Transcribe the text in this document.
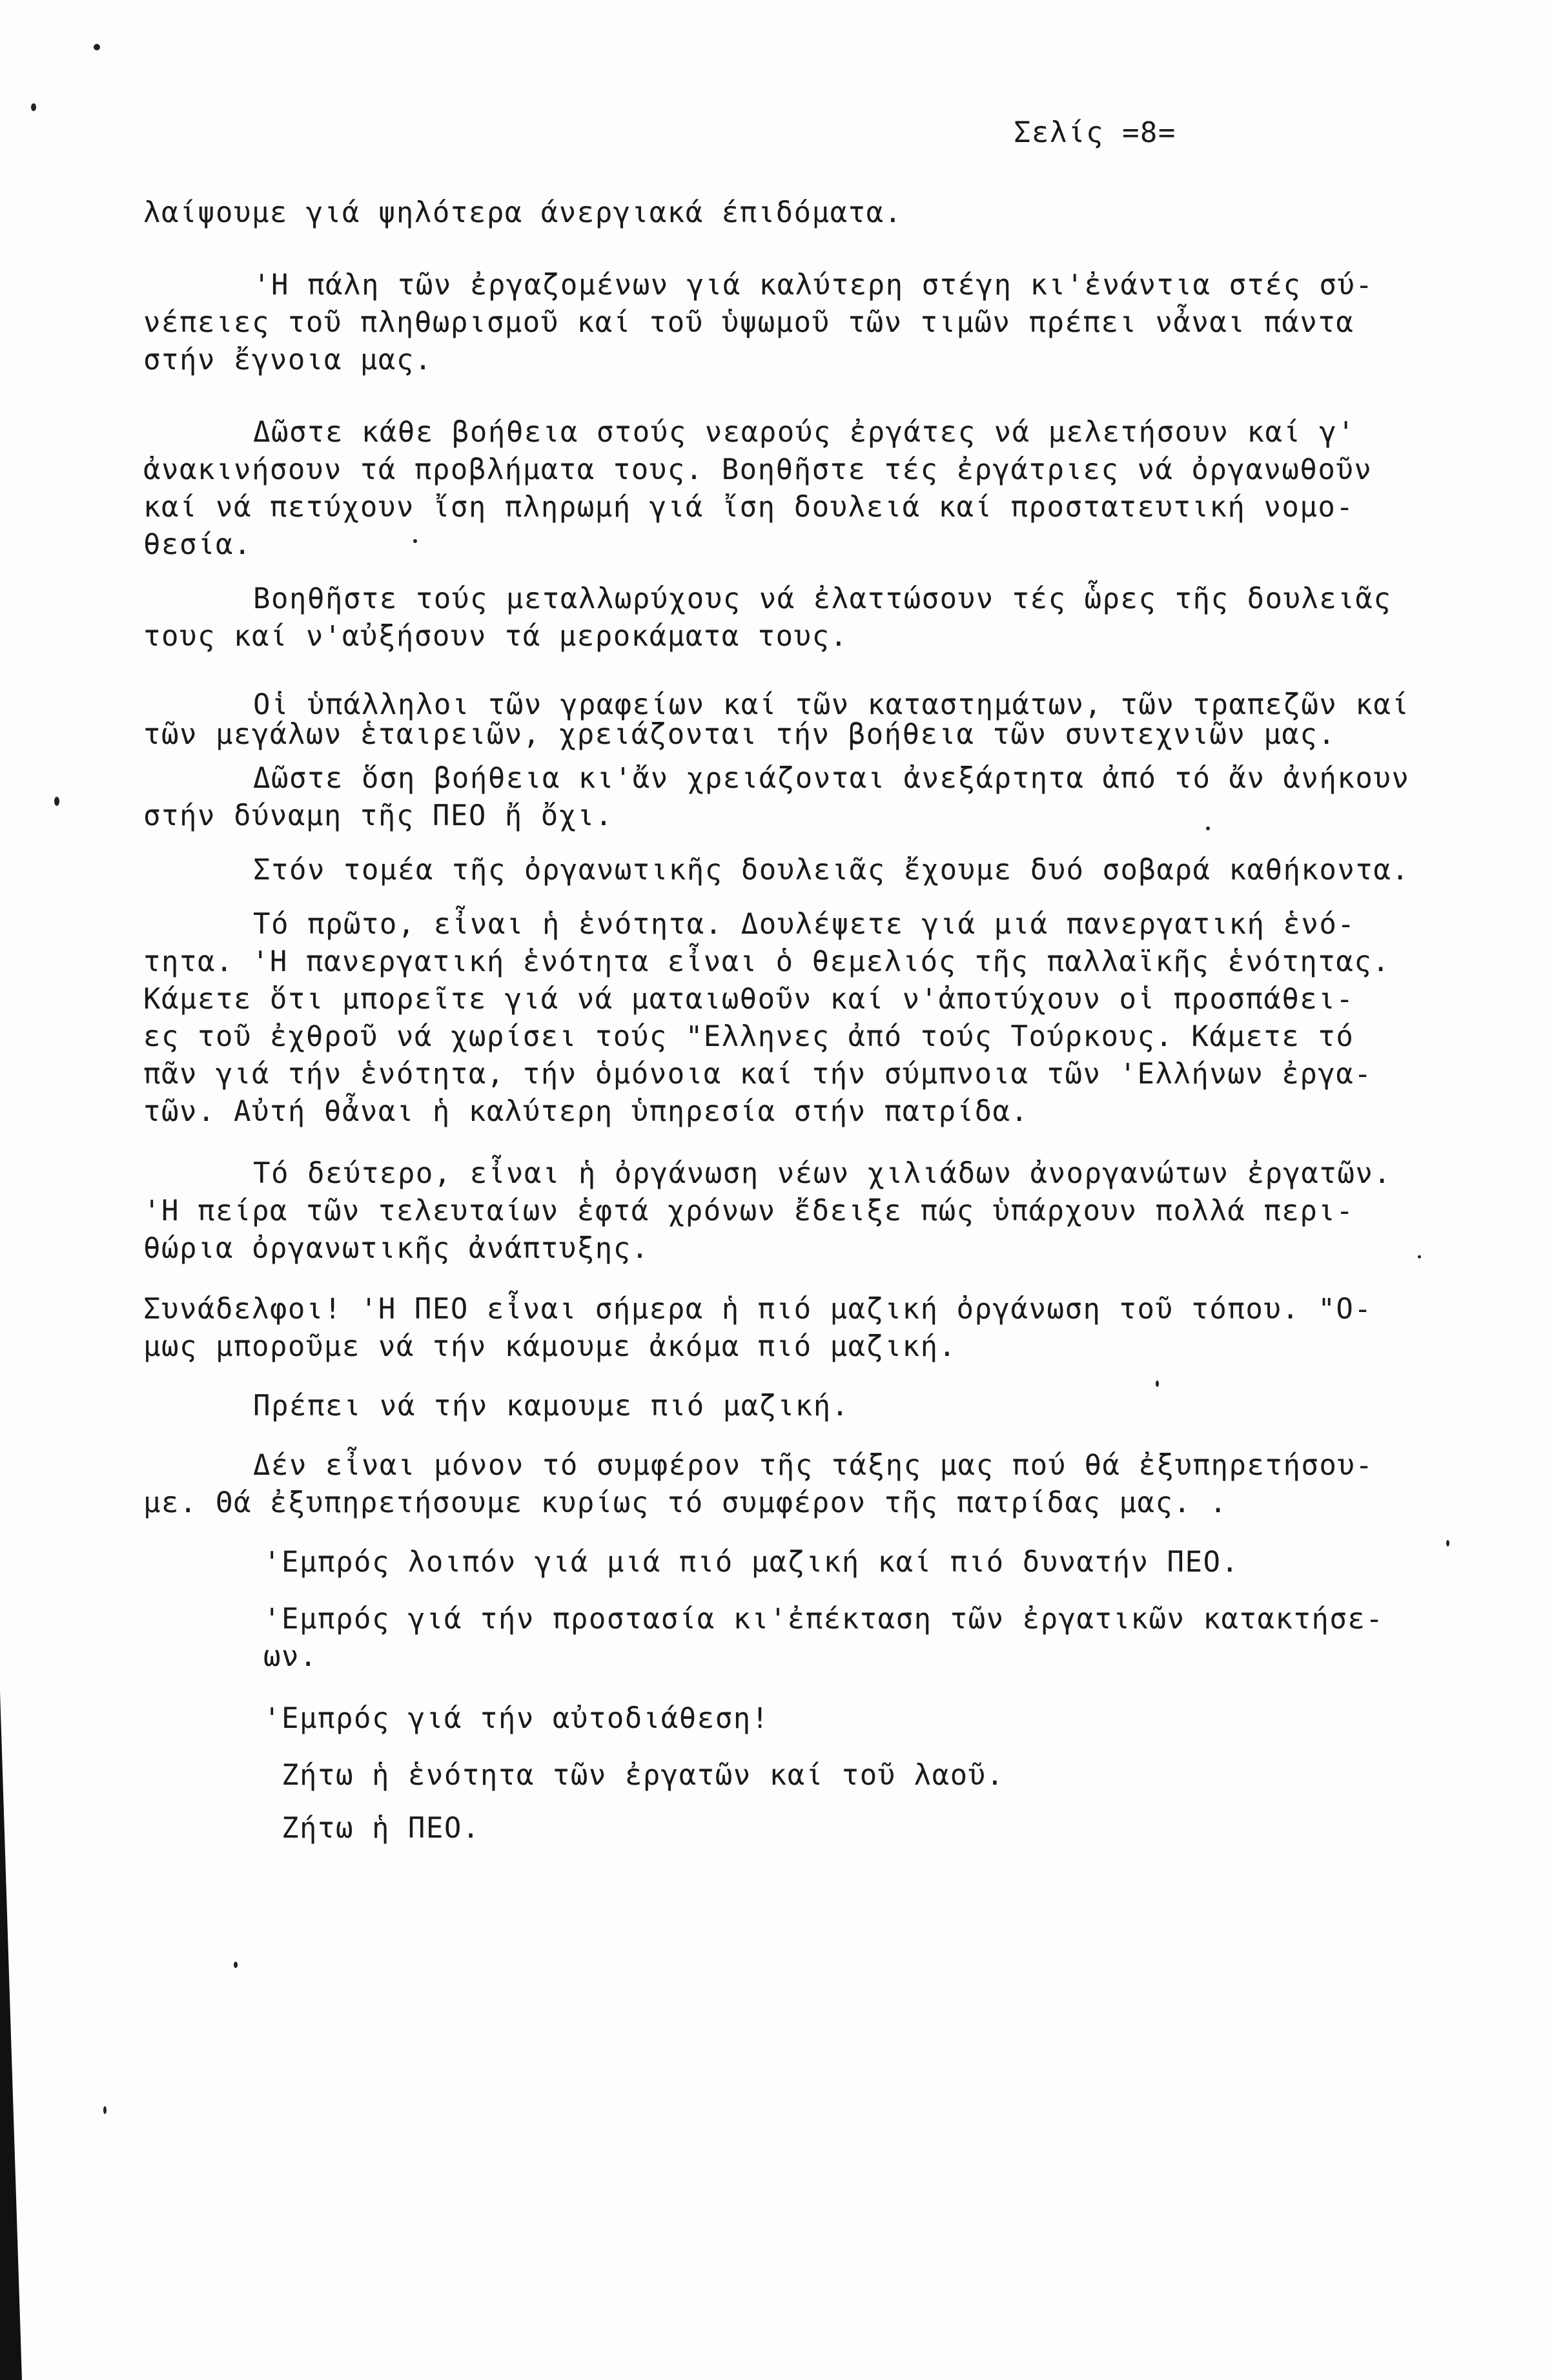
Σελίς =8=
λαίψουμε γιά ψηλότερα άνεργιακά έπιδόματα.
'Η πάλη τῶν ἐργαζομένων γιά καλύτερη στέγη κι'ἐνάντια στές σύ-
νέπειες τοῦ πληθωρισμοῦ καί τοῦ ὑψωμοῦ τῶν τιμῶν πρέπει νἆναι πάντα
στήν ἔγνοια μας.
Δῶστε κάθε βοήθεια στούς νεαρούς ἐργάτες νά μελετήσουν καί γ'
ἀνακινήσουν τά προβλήματα τους. Βοηθῆστε τές ἐργάτριες νά ὀργανωθοῦν
καί νά πετύχουν ἴση πληρωμή γιά ἴση δουλειά καί προστατευτική νομο-
θεσία.
Βοηθῆστε τούς μεταλλωρύχους νά ἐλαττώσουν τές ὧρες τῆς δουλειᾶς
τους καί ν'αὐξήσουν τά μεροκάματα τους.
Οἱ ὑπάλληλοι τῶν γραφείων καί τῶν καταστημάτων, τῶν τραπεζῶν καί
τῶν μεγάλων ἑταιρειῶν, χρειάζονται τήν βοήθεια τῶν συντεχνιῶν μας.
Δῶστε ὅση βοήθεια κι'ἄν χρειάζονται ἀνεξάρτητα ἀπό τό ἄν ἀνήκουν
στήν δύναμη τῆς ΠΕΟ ἤ ὄχι.
Στόν τομέα τῆς ὀργανωτικῆς δουλειᾶς ἔχουμε δυό σοβαρά καθήκοντα.
Τό πρῶτο, εἶναι ἡ ἑνότητα. Δουλέψετε γιά μιά πανεργατική ἑνό-
τητα. 'Η πανεργατική ἑνότητα εἶναι ὁ θεμελιός τῆς παλλαϊκῆς ἑνότητας.
Κάμετε ὅτι μπορεῖτε γιά νά ματαιωθοῦν καί ν'ἀποτύχουν οἱ προσπάθει-
ες τοῦ ἐχθροῦ νά χωρίσει τούς "Ελληνες ἀπό τούς Τούρκους. Κάμετε τό
πᾶν γιά τήν ἑνότητα, τήν ὁμόνοια καί τήν σύμπνοια τῶν 'Ελλήνων ἐργα-
τῶν. Αὐτή θἆναι ἡ καλύτερη ὑπηρεσία στήν πατρίδα.
Τό δεύτερο, εἶναι ἡ ὀργάνωση νέων χιλιάδων ἀνοργανώτων ἐργατῶν.
'Η πείρα τῶν τελευταίων ἑφτά χρόνων ἔδειξε πώς ὑπάρχουν πολλά περι-
θώρια ὀργανωτικῆς ἀνάπτυξης.
Συνάδελφοι! 'Η ΠΕΟ εἶναι σήμερα ἡ πιό μαζική ὀργάνωση τοῦ τόπου. "Ο-
μως μποροῦμε νά τήν κάμουμε ἀκόμα πιό μαζική.
Πρέπει νά τήν καμουμε πιό μαζική.
Δέν εἶναι μόνον τό συμφέρον τῆς τάξης μας πού θά ἐξυπηρετήσου-
με. Θά ἐξυπηρετήσουμε κυρίως τό συμφέρον τῆς πατρίδας μας. .
'Εμπρός λοιπόν γιά μιά πιό μαζική καί πιό δυνατήν ΠΕΟ.
'Εμπρός γιά τήν προστασία κι'ἐπέκταση τῶν ἐργατικῶν κατακτήσε-
ων.
'Εμπρός γιά τήν αὐτοδιάθεση!
Ζήτω ἡ ἑνότητα τῶν ἐργατῶν καί τοῦ λαοῦ.
Ζήτω ἡ ΠΕΟ.
